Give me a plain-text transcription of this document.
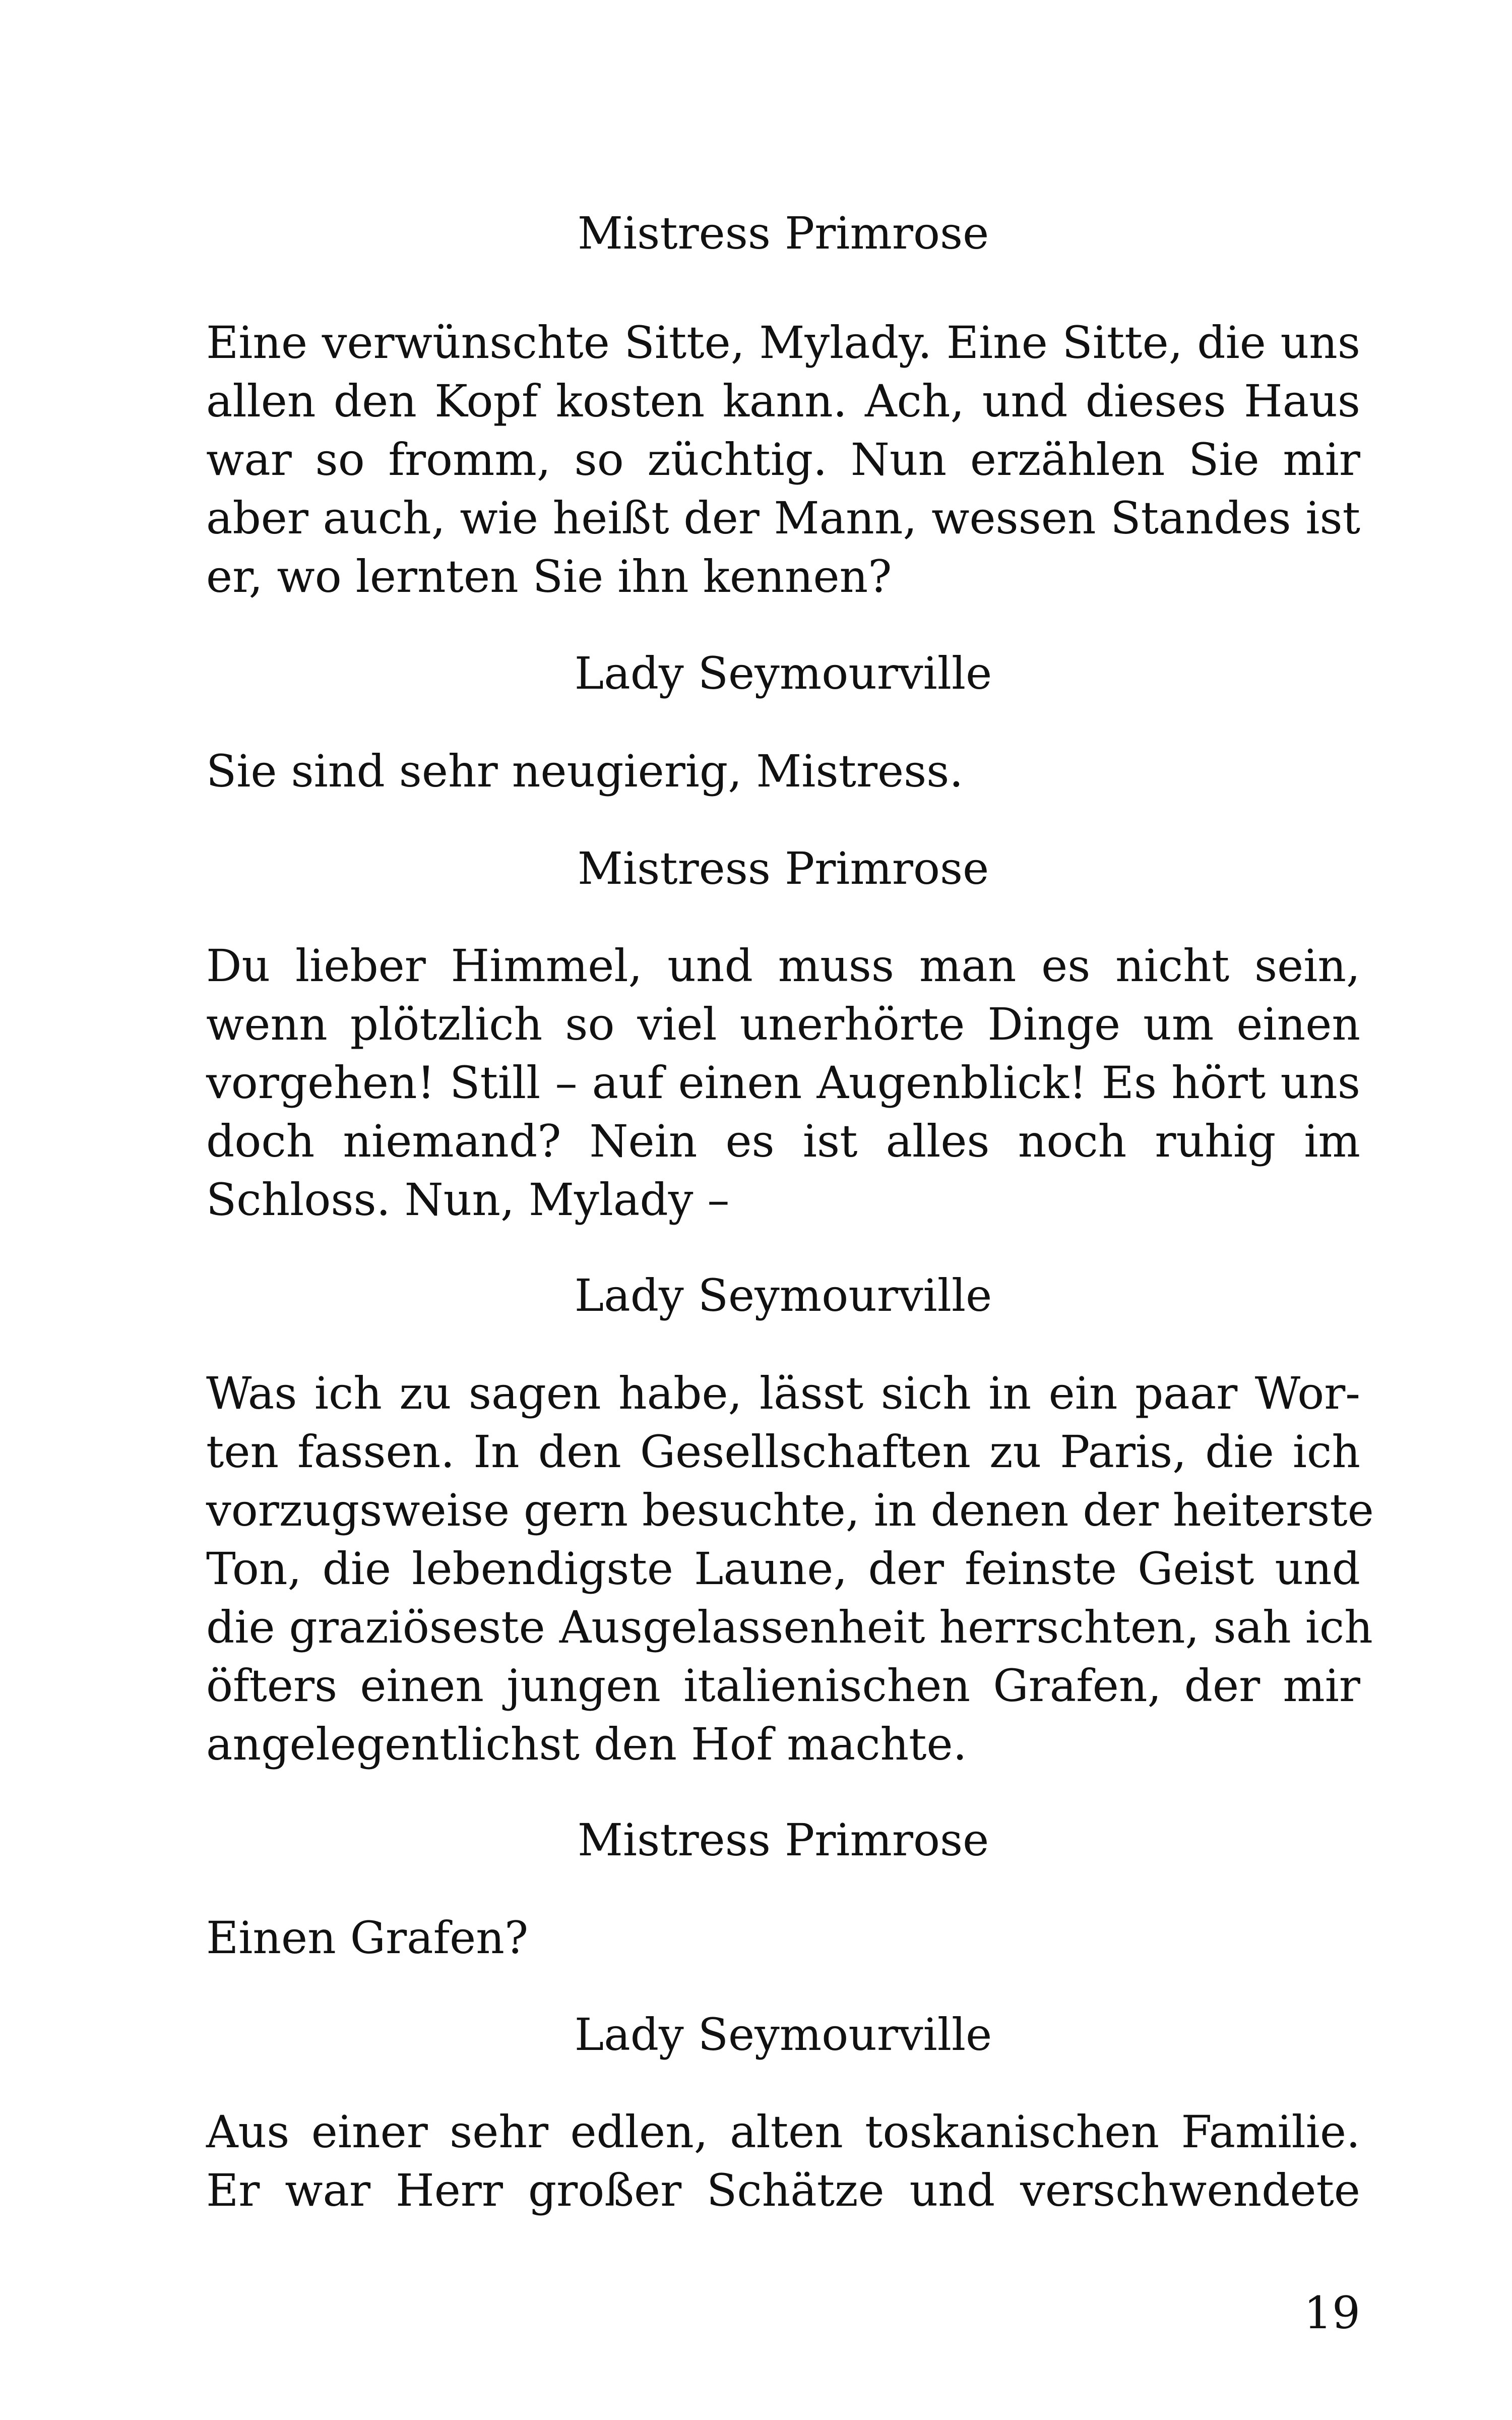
Mistress Primrose

Eine verwünschte Sitte, Mylady. Eine Sitte, die uns
allen den Kopf kosten kann. Ach, und dieses Haus
war so fromm, so züchtig. Nun erzählen Sie mir
aber auch, wie heißt der Mann, wessen Standes ist
er, wo lernten Sie ihn kennen?

Lady Seymourville

Sie sind sehr neugierig, Mistress.

Mistress Primrose

Du lieber Himmel, und muss man es nicht sein,
wenn plötzlich so viel unerhörte Dinge um einen
vorgehen! Still – auf einen Augenblick! Es hört uns
doch niemand? Nein es ist alles noch ruhig im
Schloss. Nun, Mylady –

Lady Seymourville

Was ich zu sagen habe, lässt sich in ein paar Wor-
ten fassen. In den Gesellschaften zu Paris, die ich
vorzugsweise gern besuchte, in denen der heiterste
Ton, die lebendigste Laune, der feinste Geist und
die graziöseste Ausgelassenheit herrschten, sah ich
öfters einen jungen italienischen Grafen, der mir
angelegentlichst den Hof machte.

Mistress Primrose

Einen Grafen?

Lady Seymourville

Aus einer sehr edlen, alten toskanischen Familie.
Er war Herr großer Schätze und verschwendete

19
